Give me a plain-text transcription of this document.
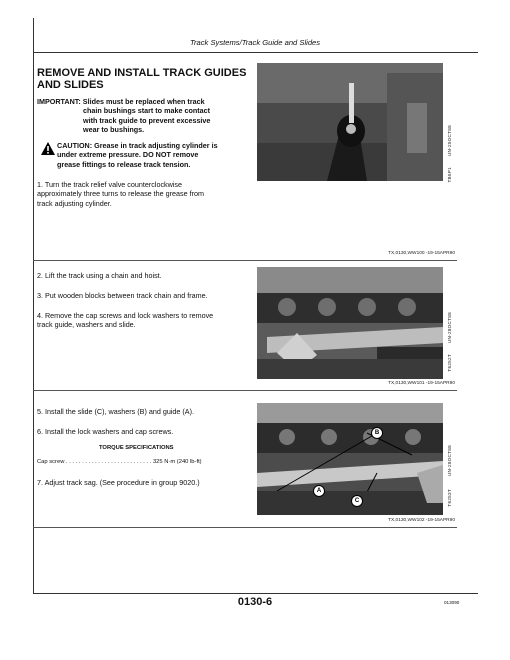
Track Systems/Track Guide and Slides
REMOVE AND INSTALL TRACK GUIDES
AND SLIDES
IMPORTANT: Slides must be replaced when track
chain bushings start to make contact
with track guide to prevent excessive
wear to bushings.
CAUTION: Grease in track adjusting cylinder is
under extreme pressure. DO NOT remove
grease fittings to release track tension.
1. Turn the track relief valve counterclockwise
approximately three turns to release the grease from
track adjusting cylinder.
TB5P1
UN-25OCT88
TX,0130,WW100 -19-15APR90
2. Lift the track using a chain and hoist.
3. Put wooden blocks between track chain and frame.
4. Remove the cap screws and lock washers to remove
track guide, washers and slide.
T6252T
UN-28OCT88
TX,0130,WW101 -19-15APR90
5. Install the slide (C), washers (B) and guide (A).
6. Install the lock washers and cap screws.
TORQUE SPECIFICATIONS
Cap screw . . . . . . . . . . . . . . . . . . . . . . . . . . . 325 N·m (240 lb-ft)
7. Adjust track sag. (See procedure in group 9020.)
A
B
C	T6253T
UN-28OCT88
TX,0130,WW102 -19-15APR90
0130-6	013090
